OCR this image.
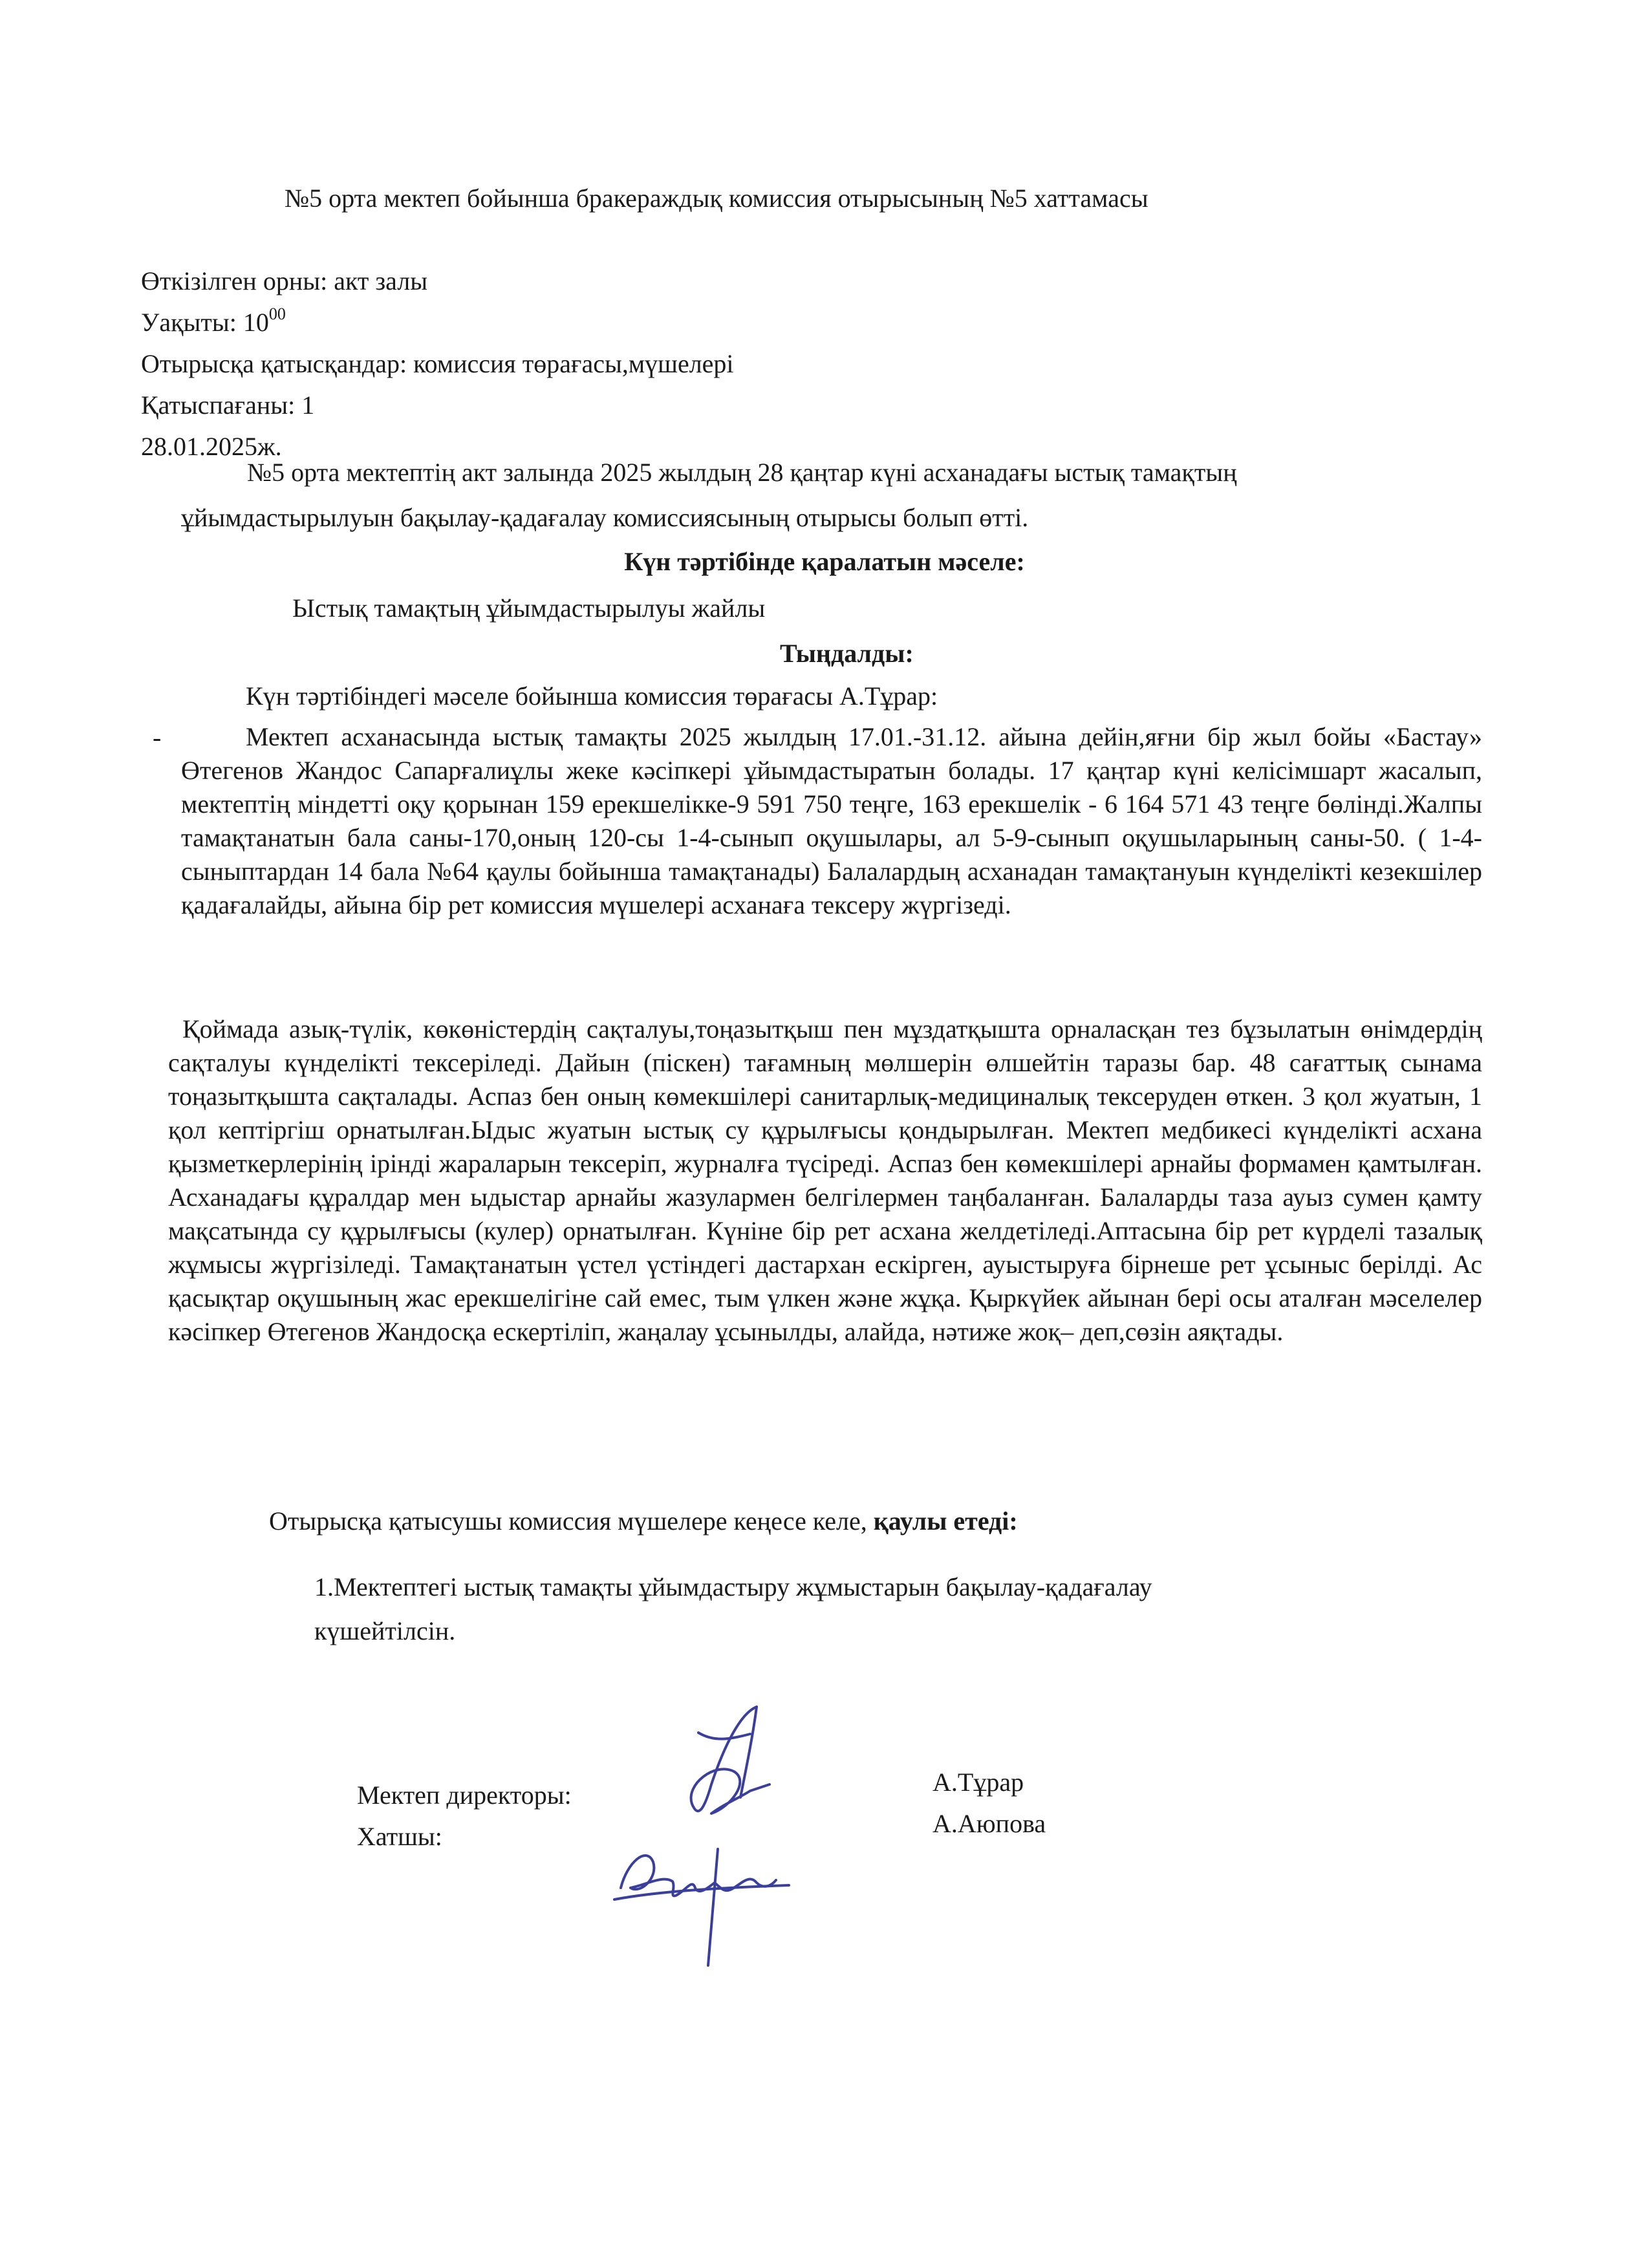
№5 орта мектеп бойынша бракераждық комиссия отырысының №5 хаттамасы
Өткізілген орны: акт залы
Уақыты: $10^{00}$
Отырысқа қатысқандар: комиссия төрағасы,мүшелері
Қатыспағаны: 1
28.01.2025ж.
№5 орта мектептің акт залында 2025 жылдың 28 қаңтар күні асханадағы ыстық тамақтың
ұйымдастырылуын бақылау-қадағалау комиссиясының отырысы болып өтті.
Күн тәртібінде қаралатын мәселе:
Ыстық тамақтың ұйымдастырылуы жайлы
Тыңдалды:
Күн тәртібіндегі мәселе бойынша комиссия төрағасы А.Тұрар:
-	Мектеп асханасында ыстық тамақты 2025 жылдың 17.01.-31.12. айына дейін,яғни бір жыл бойы «Бастау» Өтегенов Жандос Сапарғалиұлы жеке кәсіпкері ұйымдастыратын болады. 17 қаңтар күні келісімшарт жасалып, мектептің міндетті оқу қорынан 159 ерекшелікке-9 591 750 теңге, 163 ерекшелік - 6 164 571 43 теңге бөлінді.Жалпы тамақтанатын бала саны-170,оның 120-сы 1-4-сынып оқушылары, ал 5-9-сынып оқушыларының саны-50. ( 1-4-сыныптардан 14 бала №64 қаулы бойынша тамақтанады) Балалардың асханадан тамақтануын күнделікті кезекшілер қадағалайды, айына бір рет комиссия мүшелері асханаға тексеру жүргізеді.
Қоймада азық-түлік, көкөністердің сақталуы,тоңазытқыш пен мұздатқышта орналасқан тез бұзылатын өнімдердің сақталуы күнделікті тексеріледі. Дайын (піскен) тағамның мөлшерін өлшейтін таразы бар. 48 сағаттық сынама тоңазытқышта сақталады. Аспаз бен оның көмекшілері санитарлық-медициналық тексеруден өткен. 3 қол жуатын, 1 қол кептіргіш орнатылған.Ыдыс жуатын ыстық су құрылғысы қондырылған. Мектеп медбикесі күнделікті асхана қызметкерлерінің ірінді жараларын тексеріп, журналға түсіреді. Аспаз бен көмекшілері арнайы формамен қамтылған. Асханадағы құралдар мен ыдыстар арнайы жазулармен белгілермен таңбаланған. Балаларды таза ауыз сумен қамту мақсатында су құрылғысы (кулер) орнатылған. Күніне бір рет асхана желдетіледі.Аптасына бір рет күрделі тазалық жұмысы жүргізіледі. Тамақтанатын үстел үстіндегі дастархан ескірген, ауыстыруға бірнеше рет ұсыныс берілді. Ас қасықтар оқушының жас ерекшелігіне сай емес, тым үлкен және жұқа. Қыркүйек айынан бері осы аталған мәселелер кәсіпкер Өтегенов Жандосқа ескертіліп, жаңалау ұсынылды, алайда, нәтиже жоқ– деп,сөзін аяқтады.
Отырысқа қатысушы комиссия мүшелере кеңесе келе, қаулы етеді:
1.Мектептегі ыстық тамақты ұйымдастыру жұмыстарын бақылау-қадағалау
күшейтілсін.
Мектеп директоры:	А.Тұрар
Хатшы:	А.Аюпова
